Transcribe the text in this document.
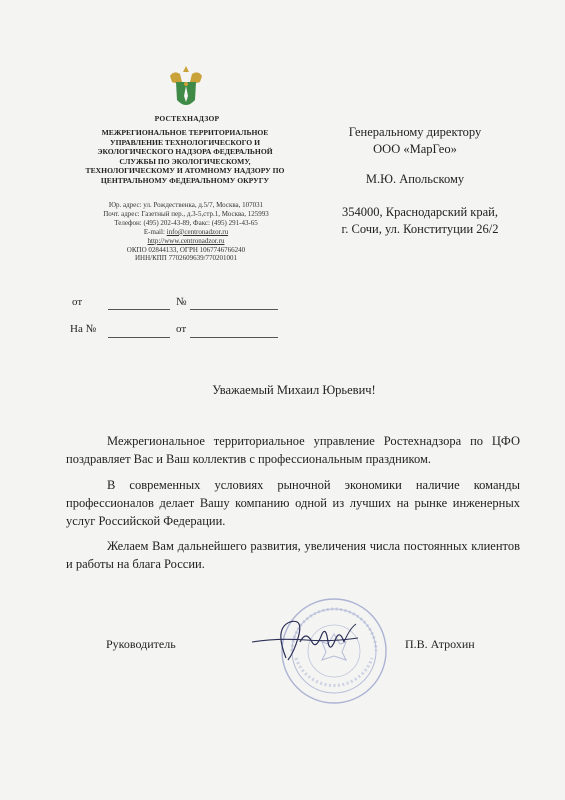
РОСТЕХНАДЗОР
МЕЖРЕГИОНАЛЬНОЕ ТЕРРИТОРИАЛЬНОЕ
УПРАВЛЕНИЕ ТЕХНОЛОГИЧЕСКОГО И
ЭКОЛОГИЧЕСКОГО НАДЗОРА ФЕДЕРАЛЬНОЙ
СЛУЖБЫ ПО ЭКОЛОГИЧЕСКОМУ,
ТЕХНОЛОГИЧЕСКОМУ И АТОМНОМУ НАДЗОРУ ПО
ЦЕНТРАЛЬНОМУ ФЕДЕРАЛЬНОМУ ОКРУГУ
Юр. адрес: ул. Рождественка, д.5/7, Москва, 107031
Почт. адрес: Газетный пер., д.3-5,стр.1, Москва, 125993
Телефон: (495) 202-43-89, Факс: (495) 291-43-65
E-mail: info@centronadzor.ru
http://www.centronadzor.ru
ОКПО 02844133, ОГРН 1067746766240
ИНН/КПП 7702609639/770201001
от	№
На №	от
Генеральному директору
ООО «МарГео»
М.Ю. Апольскому
354000, Краснодарский край,
г. Сочи, ул. Конституции 26/2
Уважаемый Михаил Юрьевич!

Межрегиональное территориальное управление Ростехнадзора по ЦФО поздравляет Вас и Ваш коллектив с профессиональным праздником.

В современных условиях рыночной экономики наличие команды профессионалов делает Вашу компанию одной из лучших на рынке инженерных услуг Российской Федерации.

Желаем Вам дальнейшего развития, увеличения числа постоянных клиентов и работы на блага России.

Руководитель	П.В. Атрохин
